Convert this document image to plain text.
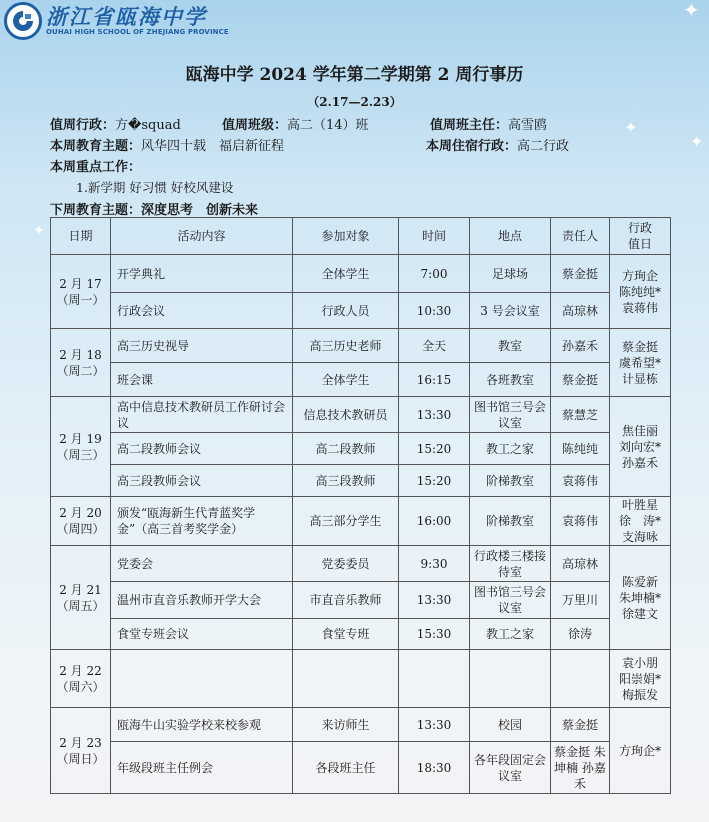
✦
✦
✦
✦
浙江省瓯海中学
OUHAI HIGH SCHOOL OF ZHEJIANG PROVINCE
瓯海中学 2024 学年第二学期第 2 周行事历
（2.17—2.23）
值周行政：方�squad	值周班级：高二（14）班	值周班主任：高雪鸥
本周教育主题：风华四十载　福启新征程	本周住宿行政：高二行政
本周重点工作：
1.新学期 好习惯 好校风建设
下周教育主题：深度思考　创新未来
日期	活动内容	参加对象	时间	地点	责任人	行政
值日

2 月 17
（周一）	开学典礼	全体学生	7:00	足球场	蔡金挺	方珣企
陈纯纯*
袁蒋伟

	行政会议	行政人员	10:30	3 号会议室	高琼林	

2 月 18
（周二）	高三历史视导	高三历史老师	全天	教室	孙嘉禾	蔡金挺
虞希望*
计显栋

	班会课	全体学生	16:15	各班教室	蔡金挺	

2 月 19
（周三）	高中信息技术教研员工作研讨会议	信息技术教研员	13:30	图书馆三号会议室	蔡慧芝	焦佳丽
刘向宏*
孙嘉禾

	高二段教师会议	高二段教师	15:20	教工之家	陈纯纯	
	高三段教师会议	高三段教师	15:20	阶梯教室	袁蒋伟	

2 月 20
（周四）	颁发“瓯海新生代青蓝奖学金”（高三首考奖学金）	高三部分学生	16:00	阶梯教室	袁蒋伟	叶胜星
徐　涛*
支海咏

2 月 21
（周五）	党委会	党委委员	9:30	行政楼三楼接待室	高琼林	陈爱新
朱坤楠*
徐建文

	温州市直音乐教师开学大会	市直音乐教师	13:30	图书馆三号会议室	万里川	
	食堂专班会议	食堂专班	15:30	教工之家	徐涛	

2 月 22
（周六）						袁小朋
阳崇娟*
梅振发

2 月 23
（周日）	瓯海牛山实验学校来校参观	来访师生	13:30	校园	蔡金挺	方珣企*

	年级段班主任例会	各段班主任	18:30	各年段固定会议室	蔡金挺 朱坤楠 孙嘉禾	
